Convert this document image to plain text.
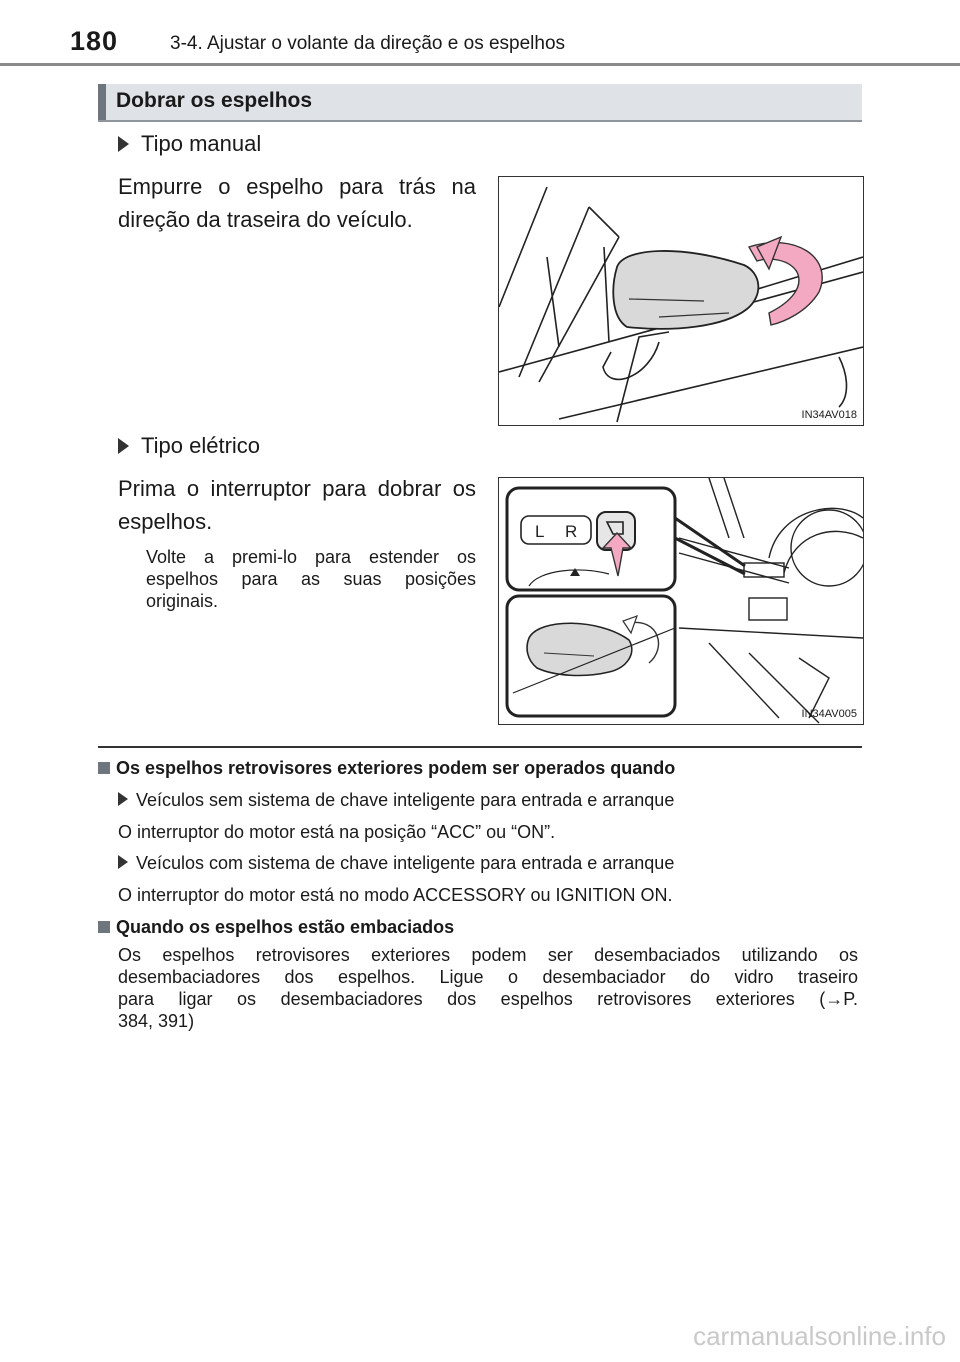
180	3-4. Ajustar o volante da direção e os espelhos
Dobrar os espelhos
Tipo manual
Empurre o espelho para trás na
direção da traseira do veículo.
IN34AV018
Tipo elétrico
Prima o interruptor para dobrar os
espelhos.
Volte a premi-lo para estender os
espelhos para as suas posições
originais.
L R
IN34AV005
Os espelhos retrovisores exteriores podem ser operados quando
Veículos sem sistema de chave inteligente para entrada e arranque
O interruptor do motor está na posição “ACC” ou “ON”.
Veículos com sistema de chave inteligente para entrada e arranque
O interruptor do motor está no modo ACCESSORY ou IGNITION ON.
Quando os espelhos estão embaciados
Os espelhos retrovisores exteriores podem ser desembaciados utilizando os
desembaciadores dos espelhos. Ligue o desembaciador do vidro traseiro
para ligar os desembaciadores dos espelhos retrovisores exteriores (→P.
384, 391)
carmanualsonline.info
